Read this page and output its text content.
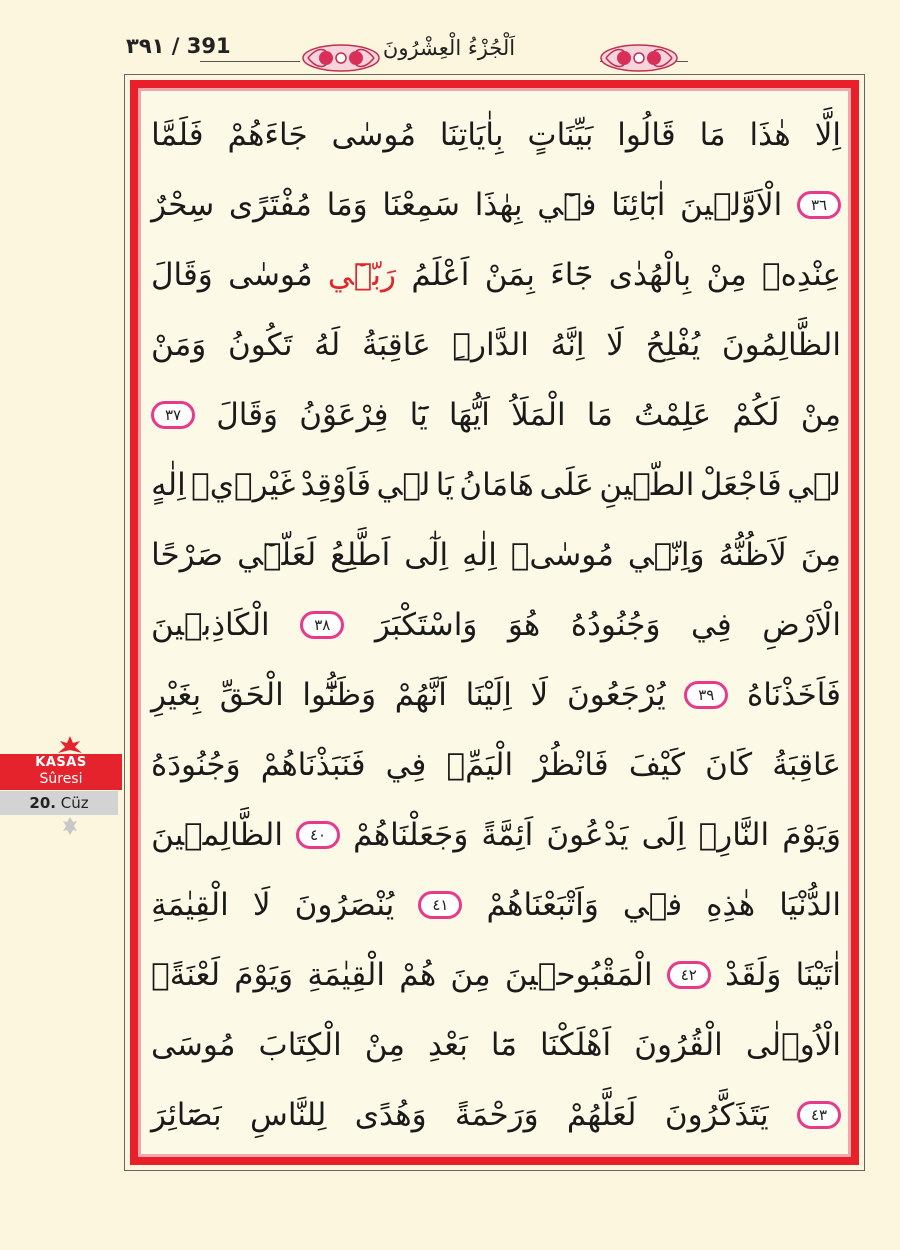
٣٩١ / 391	اَلْجُزْءُ الْعِشْرُونَ
فَلَمَّا جَاءَهُمْ مُوسٰى بِاٰيَاتِنَا بَيِّنَاتٍ قَالُوا مَا هٰذَا اِلَّا
سِحْرٌ مُفْتَرًى وَمَا سَمِعْنَا بِهٰذَا ف۪ٓي اٰبَٓائِنَا الْاَوَّل۪ينَ	٣٦
وَقَالَ مُوسٰى رَبّ۪ٓي اَعْلَمُ بِمَنْ جَٓاءَ بِالْهُدٰى مِنْ عِنْدِه۪
وَمَنْ تَكُونُ لَهُ عَاقِبَةُ الدَّارِۜ اِنَّهُ لَا يُفْلِحُ الظَّالِمُونَ
٣٧	وَقَالَ فِرْعَوْنُ يَٓا اَيُّهَا الْمَلَاُ مَا عَلِمْتُ لَكُمْ مِنْ
اِلٰهٍ غَيْر۪يۚ فَاَوْقِدْ ل۪ي يَا هَامَانُ عَلَى الطّ۪ينِ فَاجْعَلْ ل۪ي
صَرْحًا لَعَلّ۪ٓي اَطَّلِعُ اِلٰٓى اِلٰهِ مُوسٰىۙ وَاِنّ۪ي لَاَظُنُّهُ مِنَ
الْكَاذِب۪ينَ	٣٨	وَاسْتَكْبَرَ هُوَ وَجُنُودُهُ فِي الْاَرْضِ
بِغَيْرِ الْحَقِّ وَظَنُّٓوا اَنَّهُمْ اِلَيْنَا لَا يُرْجَعُونَ	٣٩	فَاَخَذْنَاهُ
وَجُنُودَهُ فَنَبَذْنَاهُمْ فِي الْيَمِّۚ فَانْظُرْ كَيْفَ كَانَ عَاقِبَةُ
الظَّالِم۪ينَ	٤٠ وَجَعَلْنَاهُمْ اَئِمَّةً يَدْعُونَ اِلَى النَّارِۚ وَيَوْمَ
الْقِيٰمَةِ لَا يُنْصَرُونَ	٤١	وَاَتْبَعْنَاهُمْ ف۪ي هٰذِهِ الدُّنْيَا
لَعْنَةًۚ وَيَوْمَ الْقِيٰمَةِ هُمْ مِنَ الْمَقْبُوح۪ينَ	٤٢ وَلَقَدْ اٰتَيْنَا
مُوسَى الْكِتَابَ مِنْ بَعْدِ مَٓا اَهْلَكْنَا الْقُرُونَ الْاُو۫لٰى
بَصَٓائِرَ لِلنَّاسِ وَهُدًى وَرَحْمَةً لَعَلَّهُمْ يَتَذَكَّرُونَ	٤٣
KASAS
Sûresi
20. Cüz
